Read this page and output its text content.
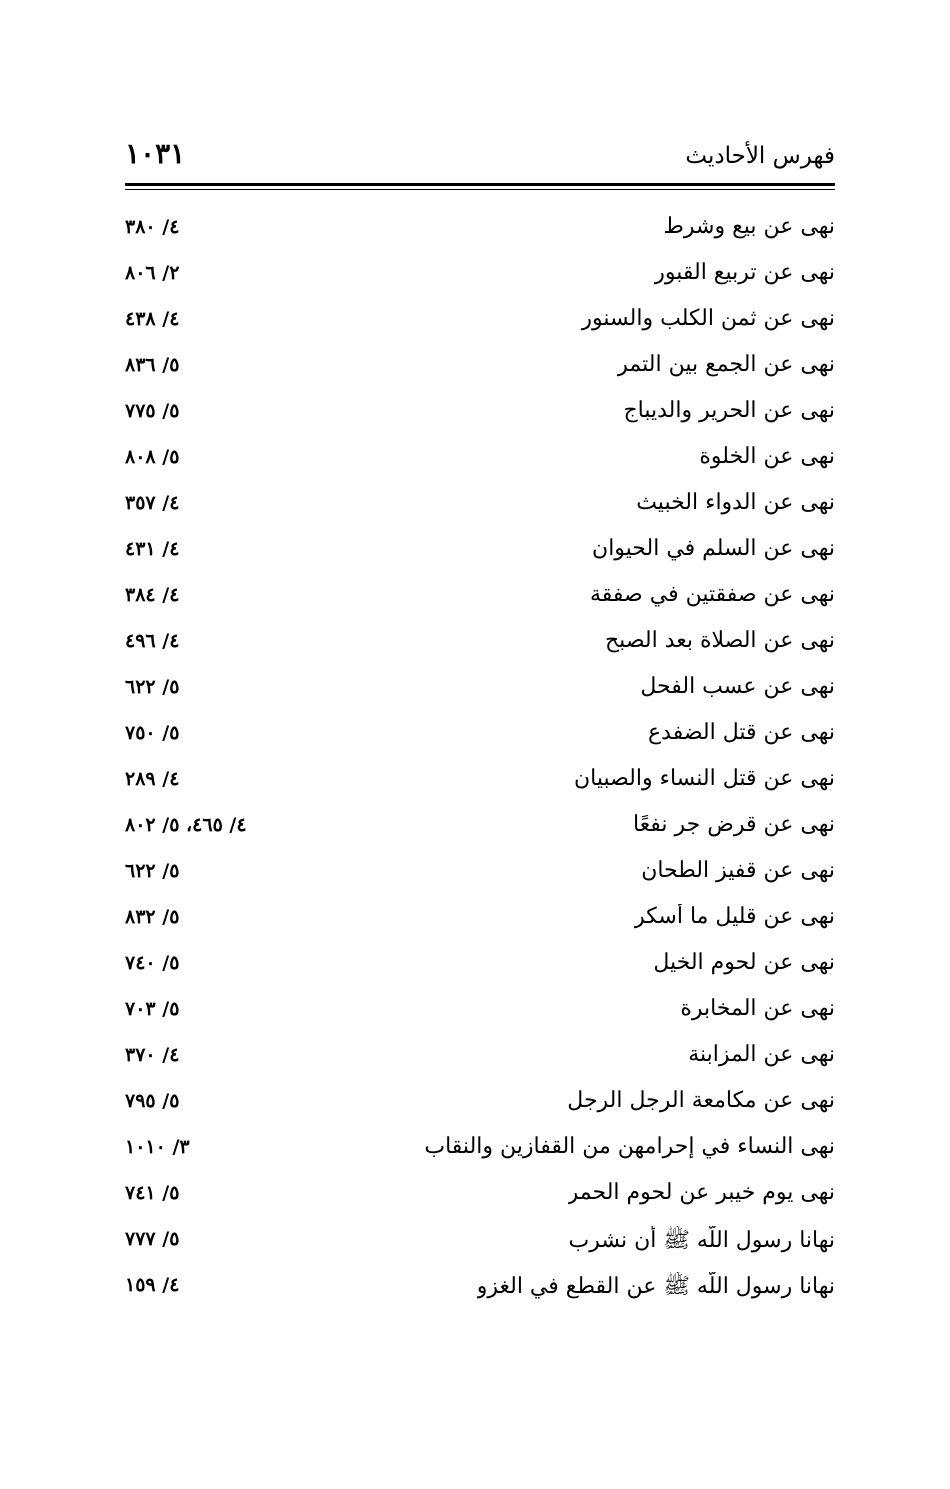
فهرس الأحاديث
١٠٣١
نهى عن بيع وشرط
٤/ ٣٨٠
نهى عن تربيع القبور
٢/ ٨٠٦
نهى عن ثمن الكلب والسنور
٤/ ٤٣٨
نهى عن الجمع بين التمر
٥/ ٨٣٦
نهى عن الحرير والديباج
٥/ ٧٧٥
نهى عن الخلوة
٥/ ٨٠٨
نهى عن الدواء الخبيث
٤/ ٣٥٧
نهى عن السلم في الحيوان
٤/ ٤٣١
نهى عن صفقتين في صفقة
٤/ ٣٨٤
نهى عن الصلاة بعد الصبح
٤/ ٤٩٦
نهى عن عسب الفحل
٥/ ٦٢٢
نهى عن قتل الضفدع
٥/ ٧٥٠
نهى عن قتل النساء والصبيان
٤/ ٢٨٩
نهى عن قرض جر نفعًا
٤/ ٤٦٥، ٥/ ٨٠٢
نهى عن قفيز الطحان
٥/ ٦٢٢
نهى عن قليل ما أسكر
٥/ ٨٣٢
نهى عن لحوم الخيل
٥/ ٧٤٠
نهى عن المخابرة
٥/ ٧٠٣
نهى عن المزابنة
٤/ ٣٧٠
نهى عن مكامعة الرجل الرجل
٥/ ٧٩٥
نهى النساء في إحرامهن من القفازين والنقاب
٣/ ١٠١٠
نهى يوم خيبر عن لحوم الحمر
٥/ ٧٤١
نهانا رسول اللَّه ﷺ أن نشرب
٥/ ٧٧٧
نهانا رسول اللَّه ﷺ عن القطع في الغزو
٤/ ١٥٩
